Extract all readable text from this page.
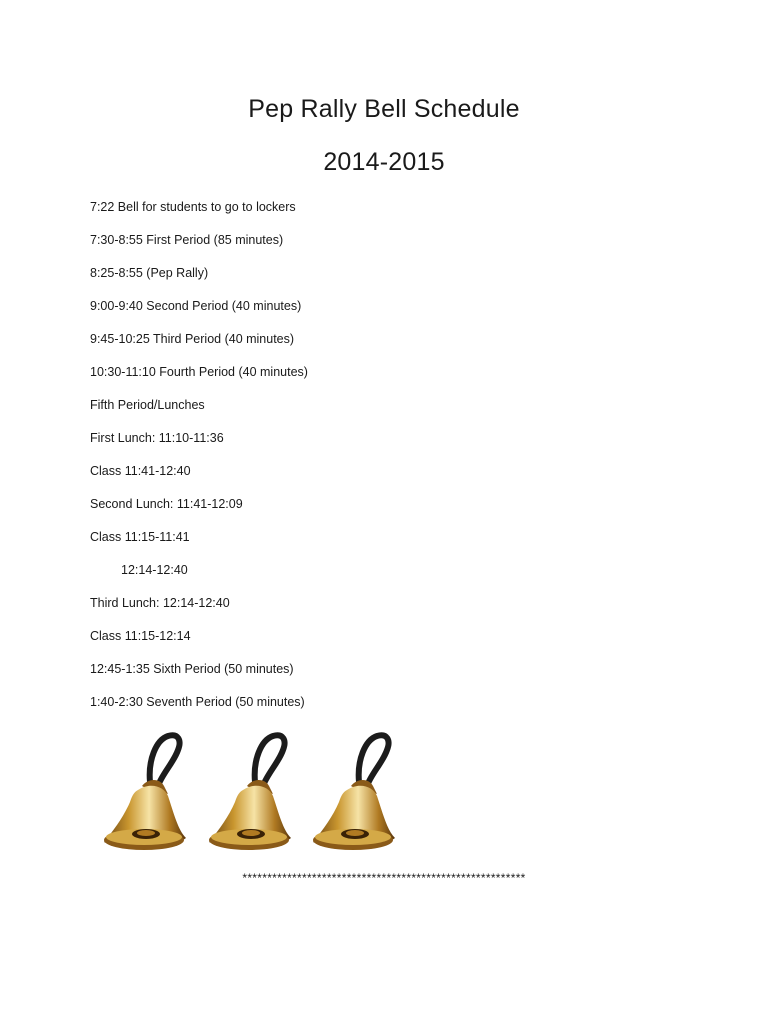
Pep Rally Bell Schedule
2014-2015
7:22 Bell for students to go to lockers
7:30-8:55 First Period (85 minutes)
8:25-8:55 (Pep Rally)
9:00-9:40 Second Period (40 minutes)
9:45-10:25 Third Period (40 minutes)
10:30-11:10 Fourth Period (40 minutes)
Fifth Period/Lunches
First Lunch: 11:10-11:36
Class 11:41-12:40
Second Lunch: 11:41-12:09
Class 11:15-11:41
12:14-12:40
Third Lunch: 12:14-12:40
Class 11:15-12:14
12:45-1:35 Sixth Period (50 minutes)
1:40-2:30 Seventh Period (50 minutes)
*********************************************************
